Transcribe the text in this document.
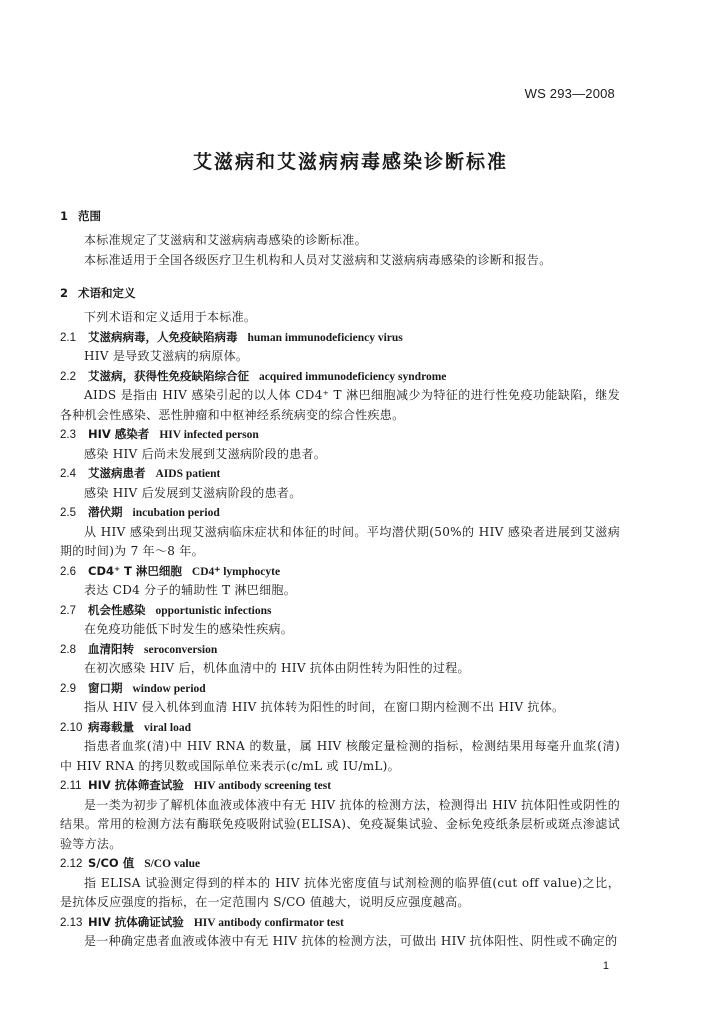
WS 293—2008
艾滋病和艾滋病病毒感染诊断标准
1 范围
本标准规定了艾滋病和艾滋病病毒感染的诊断标准。
本标准适用于全国各级医疗卫生机构和人员对艾滋病和艾滋病病毒感染的诊断和报告。
2 术语和定义
下列术语和定义适用于本标准。
2.1 艾滋病病毒，人免疫缺陷病毒 human immunodeficiency virus
HIV 是导致艾滋病的病原体。
2.2 艾滋病，获得性免疫缺陷综合征 acquired immunodeficiency syndrome
AIDS 是指由 HIV 感染引起的以人体 CD4⁺ T 淋巴细胞减少为特征的进行性免疫功能缺陷，继发各种机会性感染、恶性肿瘤和中枢神经系统病变的综合性疾患。
2.3 HIV 感染者 HIV infected person
感染 HIV 后尚未发展到艾滋病阶段的患者。
2.4 艾滋病患者 AIDS patient
感染 HIV 后发展到艾滋病阶段的患者。
2.5 潜伏期 incubation period
从 HIV 感染到出现艾滋病临床症状和体征的时间。平均潜伏期(50%的 HIV 感染者进展到艾滋病期的时间)为 7 年～8 年。
2.6 CD4⁺ T 淋巴细胞 CD4⁺ lymphocyte
表达 CD4 分子的辅助性 T 淋巴细胞。
2.7 机会性感染 opportunistic infections
在免疫功能低下时发生的感染性疾病。
2.8 血清阳转 seroconversion
在初次感染 HIV 后，机体血清中的 HIV 抗体由阴性转为阳性的过程。
2.9 窗口期 window period
指从 HIV 侵入机体到血清 HIV 抗体转为阳性的时间，在窗口期内检测不出 HIV 抗体。
2.10 病毒载量 viral load
指患者血浆(清)中 HIV RNA 的数量，属 HIV 核酸定量检测的指标，检测结果用每毫升血浆(清)中 HIV RNA 的拷贝数或国际单位来表示(c/mL 或 IU/mL)。
2.11 HIV 抗体筛查试验 HIV antibody screening test
是一类为初步了解机体血液或体液中有无 HIV 抗体的检测方法，检测得出 HIV 抗体阳性或阴性的结果。常用的检测方法有酶联免疫吸附试验(ELISA)、免疫凝集试验、金标免疫纸条层析或斑点渗滤试验等方法。
2.12 S/CO 值 S/CO value
指 ELISA 试验测定得到的样本的 HIV 抗体光密度值与试剂检测的临界值(cut off value)之比，是抗体反应强度的指标，在一定范围内 S/CO 值越大，说明反应强度越高。
2.13 HIV 抗体确证试验 HIV antibody confirmator test
是一种确定患者血液或体液中有无 HIV 抗体的检测方法，可做出 HIV 抗体阳性、阴性或不确定的
1
